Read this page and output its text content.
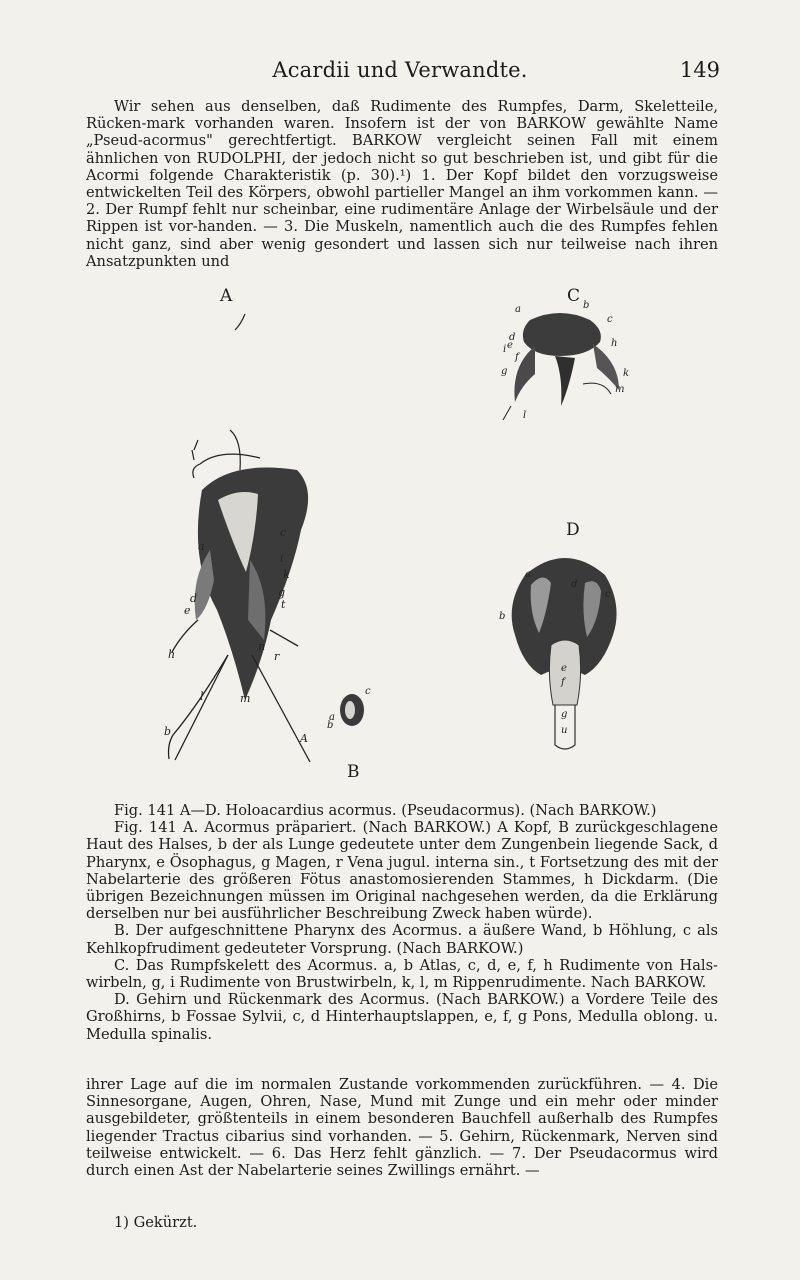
Acardii und Verwandte.	149

Wir sehen aus denselben, daß Rudimente des Rumpfes, Darm, Skeletteile, Rücken-mark vorhanden waren. Insofern ist der von BARKOW gewählte Name „Pseud-acormus" gerechtfertigt. BARKOW vergleicht seinen Fall mit einem ähnlichen von RUDOLPHI, der jedoch nicht so gut beschrieben ist, und gibt für die Acormi folgende Charakteristik (p. 30).¹) 1. Der Kopf bildet den vorzugsweise entwickelten Teil des Körpers, obwohl partieller Mangel an ihm vorkommen kann. — 2. Der Rumpf fehlt nur scheinbar, eine rudimentäre Anlage der Wirbelsäule und der Rippen ist vor-handen. — 3. Die Muskeln, namentlich auch die des Rumpfes fehlen nicht ganz, sind aber wenig gesondert und lassen sich nur teilweise nach ihren Ansatzpunkten und

A	C
D
B
a
d
e
c
i
k
g
t
h
n
r
l	m
b
A
c
a
b
a	b
c
d
e
f
h
g
i
l
k
m
a
b
c
d
e
f
g
u

Fig. 141 A—D. Holoacardius acormus. (Pseudacormus). (Nach BARKOW.)

Fig. 141 A. Acormus präpariert. (Nach BARKOW.) A Kopf, B zurückgeschlagene Haut des Halses, b der als Lunge gedeutete unter dem Zungenbein liegende Sack, d Pharynx, e Ösophagus, g Magen, r Vena jugul. interna sin., t Fortsetzung des mit der Nabelarterie des größeren Fötus anastomosierenden Stammes, h Dickdarm. (Die übrigen Bezeichnungen müssen im Original nachgesehen werden, da die Erklärung derselben nur bei ausführlicher Beschreibung Zweck haben würde).

B. Der aufgeschnittene Pharynx des Acormus. a äußere Wand, b Höhlung, c als Kehlkopfrudiment gedeuteter Vorsprung. (Nach BARKOW.)

C. Das Rumpfskelett des Acormus. a, b Atlas, c, d, e, f, h Rudimente von Hals-wirbeln, g, i Rudimente von Brustwirbeln, k, l, m Rippenrudimente. Nach BARKOW.

D. Gehirn und Rückenmark des Acormus. (Nach BARKOW.) a Vordere Teile des Großhirns, b Fossae Sylvii, c, d Hinterhauptslappen, e, f, g Pons, Medulla oblong. u. Medulla spinalis.

ihrer Lage auf die im normalen Zustande vorkommenden zurückführen. — 4. Die Sinnesorgane, Augen, Ohren, Nase, Mund mit Zunge und ein mehr oder minder ausgebildeter, größtenteils in einem besonderen Bauchfell außerhalb des Rumpfes liegender Tractus cibarius sind vorhanden. — 5. Gehirn, Rückenmark, Nerven sind teilweise entwickelt. — 6. Das Herz fehlt gänzlich. — 7. Der Pseudacormus wird durch einen Ast der Nabelarterie seines Zwillings ernährt. —

1) Gekürzt.
